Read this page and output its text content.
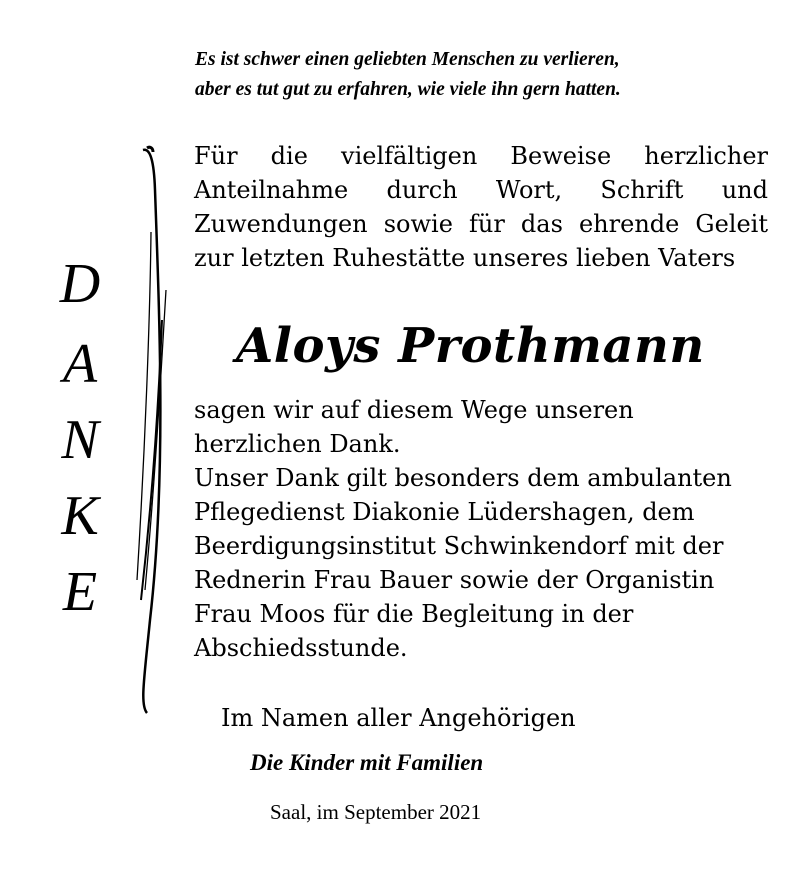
Es ist schwer einen geliebten Menschen zu verlieren,
aber es tut gut zu erfahren, wie viele ihn gern hatten.
Für die vielfältigen Beweise herzlicher
Anteilnahme durch Wort, Schrift und
Zuwendungen sowie für das ehrende Geleit
zur letzten Ruhestätte unseres lieben Vaters
Aloys Prothmann
D
A
N
K
E
sagen wir auf diesem Wege unseren
herzlichen Dank.
Unser Dank gilt besonders dem ambulanten
Pflegedienst Diakonie Lüdershagen, dem
Beerdigungsinstitut Schwinkendorf mit der
Rednerin Frau Bauer sowie der Organistin
Frau Moos für die Begleitung in der
Abschiedsstunde.
Im Namen aller Angehörigen
Die Kinder mit Familien
Saal, im September 2021
